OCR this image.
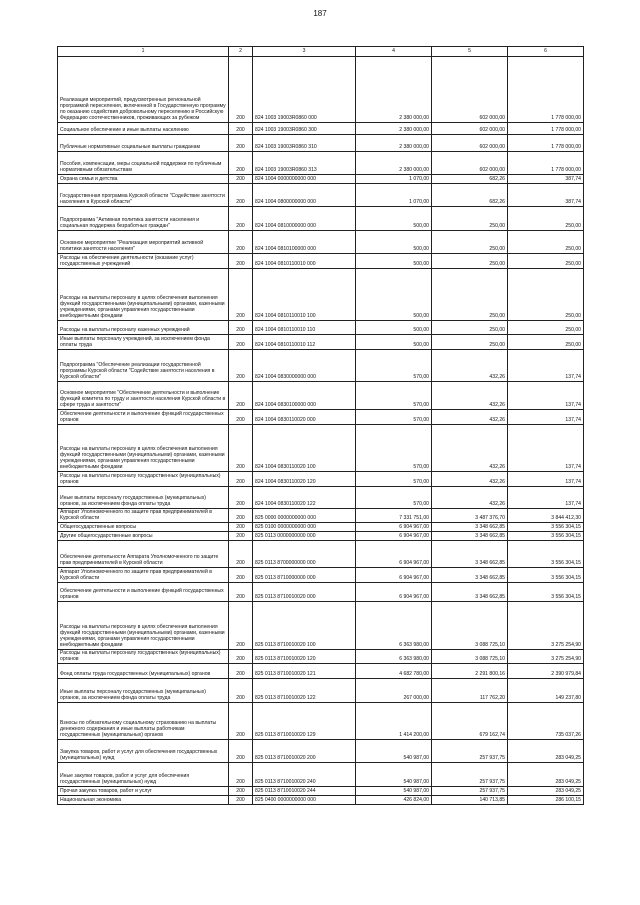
187
1	2	3	4	5	6
Реализация мероприятий, предусмотренных региональной программой переселения, включенной в Государственную программу по оказанию содействия добровольному переселению в Российскую Федерацию соотечественников, проживающих за рубежом	200	824 1003 19003R0860 000	2 380 000,00	602 000,00	1 778 000,00
Социальное обеспечение и иные выплаты населению	200	824 1003 19003R0860 300	2 380 000,00	602 000,00	1 778 000,00
Публичные нормативные социальные выплаты гражданам	200	824 1003 19003R0860 310	2 380 000,00	602 000,00	1 778 000,00
Пособия, компенсации, меры социальной поддержки по публичным нормативным обязательствам	200	824 1003 19003R0860 313	2 380 000,00	602 000,00	1 778 000,00
Охрана семьи и детства	200	824 1004 0000000000 000	1 070,00	682,26	387,74
Государственная программа Курской области "Содействие занятости населения в Курской области"	200	824 1004 0800000000 000	1 070,00	682,26	387,74
Подпрограмма "Активная политика занятости населения и социальная поддержка безработных граждан"	200	824 1004 0810000000 000	500,00	250,00	250,00
Основное мероприятие "Реализация мероприятий активной политики занятости населения"	200	824 1004 0810100000 000	500,00	250,00	250,00
Расходы на обеспечение деятельности (оказание услуг) государственных учреждений	200	824 1004 0810110010 000	500,00	250,00	250,00
Расходы на выплаты персоналу в целях обеспечения выполнения функций государственными (муниципальными) органами, казенными учреждениями, органами управления государственными внебюджетными фондами	200	824 1004 0810110010 100	500,00	250,00	250,00
Расходы на выплаты персоналу казенных учреждений	200	824 1004 0810110010 110	500,00	250,00	250,00
Иные выплаты персоналу учреждений, за исключением фонда оплаты труда	200	824 1004 0810110010 112	500,00	250,00	250,00
Подпрограмма "Обеспечение реализации государственной программы Курской области "Содействие занятости населения в Курской области"	200	824 1004 0830000000 000	570,00	432,26	137,74
Основное мероприятие "Обеспечение деятельности и выполнение функций комитета по труду и занятости населения Курской области в сфере труда и занятости"	200	824 1004 0830100000 000	570,00	432,26	137,74
Обеспечение деятельности и выполнение функций государственных органов	200	824 1004 0830110020 000	570,00	432,26	137,74
Расходы на выплаты персоналу в целях обеспечения выполнения функций государственными (муниципальными) органами, казенными учреждениями, органами управления государственными внебюджетными фондами	200	824 1004 0830110020 100	570,00	432,26	137,74
Расходы на выплаты персоналу государственных (муниципальных) органов	200	824 1004 0830110020 120	570,00	432,26	137,74
Иные выплаты персоналу государственных (муниципальных) органов, за исключением фонда оплаты труда	200	824 1004 0830110020 122	570,00	432,26	137,74
Аппарат Уполномоченного по защите прав предпринимателей в Курской области	200	825 0000 0000000000 000	7 331 751,00	3 487 376,70	3 844 412,30
Общегосударственные вопросы	200	825 0100 0000000000 000	6 904 967,00	3 348 662,85	3 556 304,15
Другие общегосударственные вопросы	200	825 0113 0000000000 000	6 904 967,00	3 348 662,85	3 556 304,15
Обеспечение деятельности Аппарата Уполномоченного по защите прав предпринимателей в Курской области	200	825 0113 8700000000 000	6 904 967,00	3 348 662,85	3 556 304,15
Аппарат Уполномоченного по защите прав предпринимателей в Курской области	200	825 0113 8710000000 000	6 904 967,00	3 348 662,85	3 556 304,15
Обеспечение деятельности и выполнение функций государственных органов	200	825 0113 8710010020 000	6 904 967,00	3 348 662,85	3 556 304,15
Расходы на выплаты персоналу в целях обеспечения выполнения функций государственными (муниципальными) органами, казенными учреждениями, органами управления государственными внебюджетными фондами	200	825 0113 8710010020 100	6 363 980,00	3 088 725,10	3 275 254,90
Расходы на выплаты персоналу государственных (муниципальных) органов	200	825 0113 8710010020 120	6 363 980,00	3 088 725,10	3 275 254,90
Фонд оплаты труда государственных (муниципальных) органов	200	825 0113 8710010020 121	4 682 780,00	2 291 800,16	2 390 979,84
Иные выплаты персоналу государственных (муниципальных) органов, за исключением фонда оплаты труда	200	825 0113 8710010020 122	267 000,00	117 762,20	149 237,80
Взносы по обязательному социальному страхованию на выплаты денежного содержания и иные выплаты работникам государственных (муниципальных) органов	200	825 0113 8710010020 129	1 414 200,00	679 162,74	735 037,26
Закупка товаров, работ и услуг для обеспечения государственных (муниципальных) нужд	200	825 0113 8710010020 200	540 987,00	257 937,75	283 049,25
Иные закупки товаров, работ и услуг для обеспечения государственных (муниципальных) нужд	200	825 0113 8710010020 240	540 987,00	257 937,75	283 049,25
Прочая закупка товаров, работ и услуг	200	825 0113 8710010020 244	540 987,00	257 937,75	283 049,25
Национальная экономика	200	825 0400 0000000000 000	426 824,00	140 713,85	286 100,15
